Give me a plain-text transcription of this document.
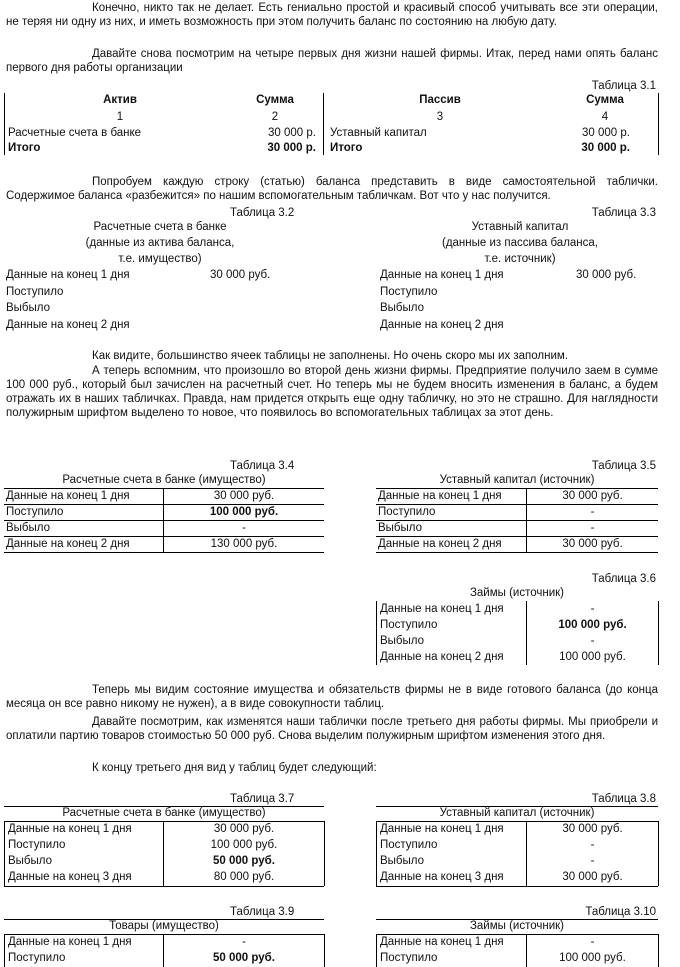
Конечно, никто так не делает. Есть гениально простой и красивый способ учитывать все эти операции, не теряя ни одну из них, и иметь возможность при этом получить баланс по состоянию на любую дату.
Давайте снова посмотрим на четыре первых дня жизни нашей фирмы. Итак, перед нами опять баланс первого дня работы организации
Таблица 3.1
Актив	Сумма	Пассив	Сумма
1	2	3	4
Расчетные счета в банке	30 000 р. Уставный капитал	30 000 р.
Итого	30 000 р. Итого	30 000 р.
Попробуем каждую строку (статью) баланса представить в виде самостоятельной таблички. Содержимое баланса «разбежится» по нашим вспомогательным табличкам. Вот что у нас получится.
Таблица 3.2
Расчетные счета в банке
(данные из актива баланса,
т.е. имущество)
Данные на конец 1 дня	30 000 руб.
Поступило
Выбыло
Данные на конец 2 дня
Таблица 3.3
Уставный капитал
(данные из пассива баланса,
т.е. источник)
Данные на конец 1 дня	30 000 руб.
Поступило
Выбыло
Данные на конец 2 дня
Как видите, большинство ячеек таблицы не заполнены. Но очень скоро мы их заполним.
А теперь вспомним, что произошло во второй день жизни фирмы. Предприятие получило заем в сумме 100 000 руб., который был зачислен на расчетный счет. Но теперь мы не будем вносить изменения в баланс, а будем отражать их в наших табличках. Правда, нам придется открыть еще одну табличку, но это не страшно. Для наглядности полужирным шрифтом выделено то новое, что появилось во вспомогательных таблицах за этот день.
Таблица 3.4
Расчетные счета в банке (имущество)
Данные на конец 1 дня	30 000 руб.
Поступило	100 000 руб.
Выбыло	-
Данные на конец 2 дня	130 000 руб.
Таблица 3.5
Уставный капитал (источник)
Данные на конец 1 дня	30 000 руб.
Поступило	-
Выбыло	-
Данные на конец 2 дня	30 000 руб.
Таблица 3.6
Займы (источник)
Данные на конец 1 дня	-
Поступило	100 000 руб.
Выбыло	-
Данные на конец 2 дня	100 000 руб.
Теперь мы видим состояние имущества и обязательств фирмы не в виде готового баланса (до конца месяца он все равно никому не нужен), а в виде совокупности таблиц.
Давайте посмотрим, как изменятся наши таблички после третьего дня работы фирмы. Мы приобрели и оплатили партию товаров стоимостью 50 000 руб. Снова выделим полужирным шрифтом изменения этого дня.
К концу третьего дня вид у таблиц будет следующий:
Таблица 3.7
Расчетные счета в банке (имущество)
Данные на конец 1 дня	30 000 руб.
Поступило	100 000 руб.
Выбыло	50 000 руб.
Данные на конец 3 дня	80 000 руб.
Таблица 3.8
Уставный капитал (источник)
Данные на конец 1 дня	30 000 руб.
Поступило	-
Выбыло	-
Данные на конец 3 дня	30 000 руб.
Таблица 3.9
Товары (имущество)
Данные на конец 1 дня	-
Поступило	50 000 руб.
Таблица 3.10
Займы (источник)
Данные на конец 1 дня	-
Поступило	100 000 руб.
